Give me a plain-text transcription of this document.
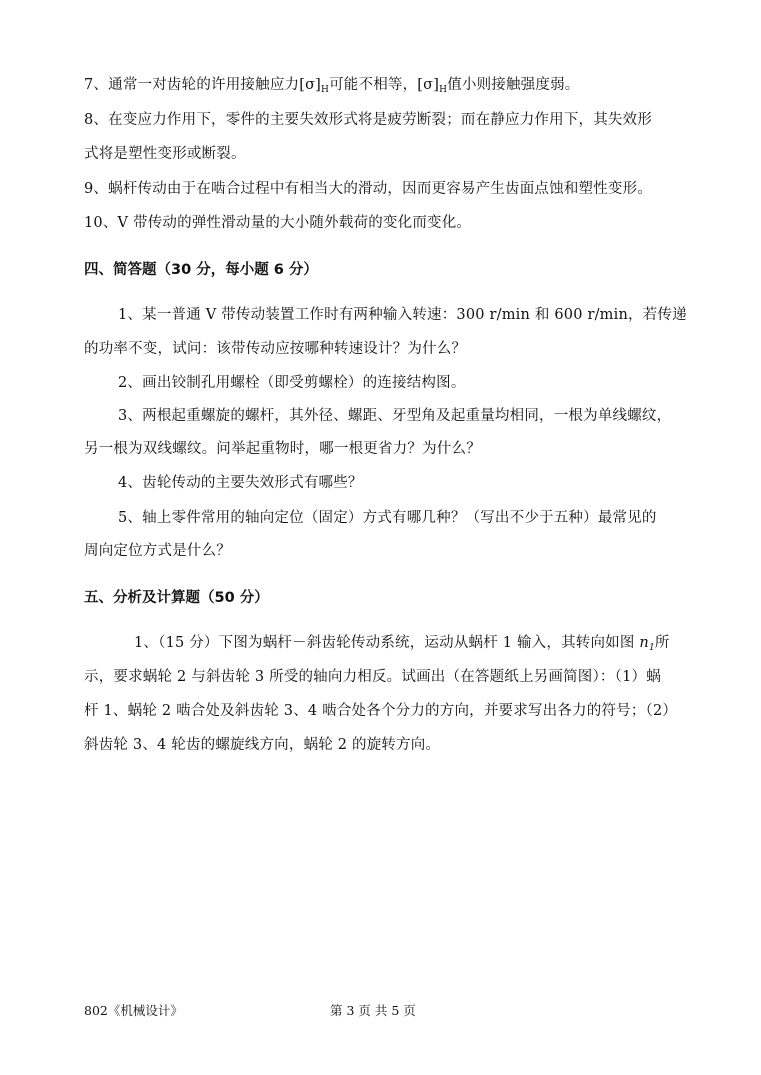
7、通常一对齿轮的许用接触应力$[\sigma]_H$可能不相等，$[\sigma]_H$值小则接触强度弱。
8、在变应力作用下，零件的主要失效形式将是疲劳断裂；而在静应力作用下，其失效形
式将是塑性变形或断裂。
9、蜗杆传动由于在啮合过程中有相当大的滑动，因而更容易产生齿面点蚀和塑性变形。
10、V 带传动的弹性滑动量的大小随外载荷的变化而变化。
四、简答题（30 分，每小题 6 分）
1、某一普通 V 带传动装置工作时有两种输入转速：300 r/min 和 600 r/min，若传递
的功率不变，试问：该带传动应按哪种转速设计？为什么？
2、画出铰制孔用螺栓（即受剪螺栓）的连接结构图。
3、两根起重螺旋的螺杆，其外径、螺距、牙型角及起重量均相同，一根为单线螺纹，
另一根为双线螺纹。问举起重物时，哪一根更省力？为什么？
4、齿轮传动的主要失效形式有哪些？
5、轴上零件常用的轴向定位（固定）方式有哪几种？（写出不少于五种）最常见的
周向定位方式是什么？
五、分析及计算题（50 分）
1、（15 分）下图为蜗杆－斜齿轮传动系统，运动从蜗杆 1 输入，其转向如图 $n_1$所
示，要求蜗轮 2 与斜齿轮 3 所受的轴向力相反。试画出（在答题纸上另画简图）：（1）蜗
杆 1、蜗轮 2 啮合处及斜齿轮 3、4 啮合处各个分力的方向，并要求写出各力的符号；（2）
斜齿轮 3、4 轮齿的螺旋线方向，蜗轮 2 的旋转方向。
802《机械设计》	第 3 页 共 5 页
